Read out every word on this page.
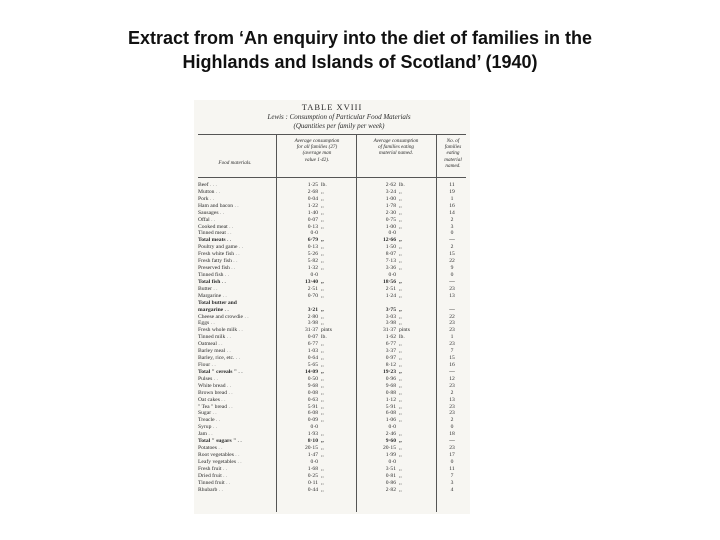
Extract from ‘An enquiry into the diet of families in the
Highlands and Islands of Scotland’ (1940)
TABLE XVIII
Lewis : Consumption of Particular Food Materials
(Quantities per family per week)
Food materials.
Average consumption
for all families (27)
(average man
value 1·42).
Average consumption
of families eating
material named.
No. of
families eating
material
named.
Beef . . .	1·25 lb.	2·62 lb.	11
Mutton . .	2·68 ,,	3·24 ,,	19
Pork . .	0·04 ,,	1·00 ,,	1
Ham and bacon . .	1·22 ,,	1·78 ,,	16
Sausages . .	1·40 ,,	2·30 ,,	14
Offal . .	0·07 ,,	0·75 ,,	2
Cooked meat . .	0·13 ,,	1·00 ,,	3
Tinned meat . .	0·0	0·0	0
Total meats . .	6·79 ,,	12·66 ,,	—
Poultry and game . .	0·13 ,,	1·50 ,,	2
Fresh white fish . .	5·26 ,,	8·07 ,,	15
Fresh fatty fish . .	5·82 ,,	7·13 ,,	22
Preserved fish . .	1·32 ,,	3·36 ,,	9
Tinned fish . .	0·0	0·0	0
Total fish . .	13·40 ,,	18·56 ,,	—
Butter . .	2·51 ,,	2·51 ,,	23
Margarine . .	0·70 ,,	1·24 ,,	13
Total butter and
margarine . .	3·21 ,,	3·75 ,,	—
Cheese and crowdie . .	2·80 ,,	3·03 ,,	22
Eggs . .	3·98 ,,	3·98 ,,	23
Fresh whole milk . .	31·37 pints	31·37 pints	23
Tinned milk . .	0·07 lb.	1·62 lb.	1
Oatmeal . .	6·77 ,,	6·77 ,,	23
Barley meal . .	1·03 ,,	3·37 ,,	7
Barley, rice, etc. . .	0·64 ,,	0·97 ,,	15
Flour . .	5·65 ,,	8·12 ,,	16
Total " cereals " . .	14·09 ,,	19·23 ,,	—
Pulses . .	0·50 ,,	0·96 ,,	12
White bread . .	9·68 ,,	9·68 ,,	23
Brown bread . .	0·08 ,,	0·88 ,,	2
Oat cakes . .	0·63 ,,	1·12 ,,	13
" Tea " bread . .	5·91 ,,	5·91 ,,	23
Sugar . .	6·08 ,,	6·08 ,,	23
Treacle . .	0·09 ,,	1·06 ,,	2
Syrup . .	0·0	0·0	0
Jam . .	1·93 ,,	2·46 ,,	18
Total " sugars " . .	8·10 ,,	9·60 ,,	—
Potatoes . .	20·15 ,,	20·15 ,,	23
Root vegetables . .	1·47 ,,	1·99 ,,	17
Leafy vegetables . .	0·0	0·0	0
Fresh fruit . .	1·68 ,,	3·51 ,,	11
Dried fruit . .	0·25 ,,	0·81 ,,	7
Tinned fruit . .	0·11 ,,	0·86 ,,	3
Rhubarb . .	0·44 ,,	2·82 ,,	4
